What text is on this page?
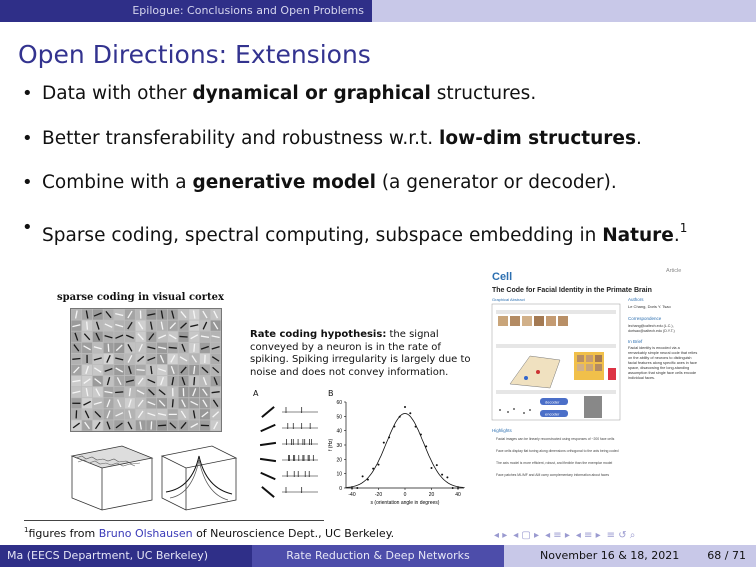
Epilogue: Conclusions and Open Problems
Open Directions: Extensions
• Data with other dynamical or graphical structures.
• Better transferability and robustness w.r.t. low-dim structures.
• Combine with a generative model (a generator or decoder).
• Sparse coding, spectral computing, subspace embedding in Nature.$^1$
sparse coding in visual cortex
Rate coding hypothesis: the signal conveyed by a neuron is in the rate of spiking. Spiking irregularity is largely due to noise and does not convey information.
A	B
0
10
20
30
40
50
60
-40	-20	0	20	40
f (Hz)
s (orientation angle in degrees)
Cell	Article
The Code for Facial Identity in the Primate Brain
Graphical Abstract
decoder
encoder
Highlights
Facial images can be linearly reconstructed using responses of ~200 face cells
Face cells display flat tuning along dimensions orthogonal to the axis being coded
The axis model is more efficient, robust, and flexible than the exemplar model
Face patches ML/MF and AM carry complementary information about faces
Authors
Le Chang, Doris Y. Tsao
Correspondence
lechang@caltech.edu (L.C.),
dortsao@caltech.edu (D.Y.T.)
In Brief
Facial identity is encoded via a remarkably simple neural code that relies on the ability of neurons to distinguish facial features along specific axes in face space, disavowing the long-standing assumption that single face cells encode individual faces.
$^1$figures from Bruno Olshausen of Neuroscience Dept., UC Berkeley.	◂ ▸ ◂ ▢ ▸ ◂ ≡ ▸ ◂ ≡ ▸ ≡ ↺ ⌕
Ma (EECS Department, UC Berkeley)	Rate Reduction & Deep Networks	November 16 & 18, 2021	68 / 71
